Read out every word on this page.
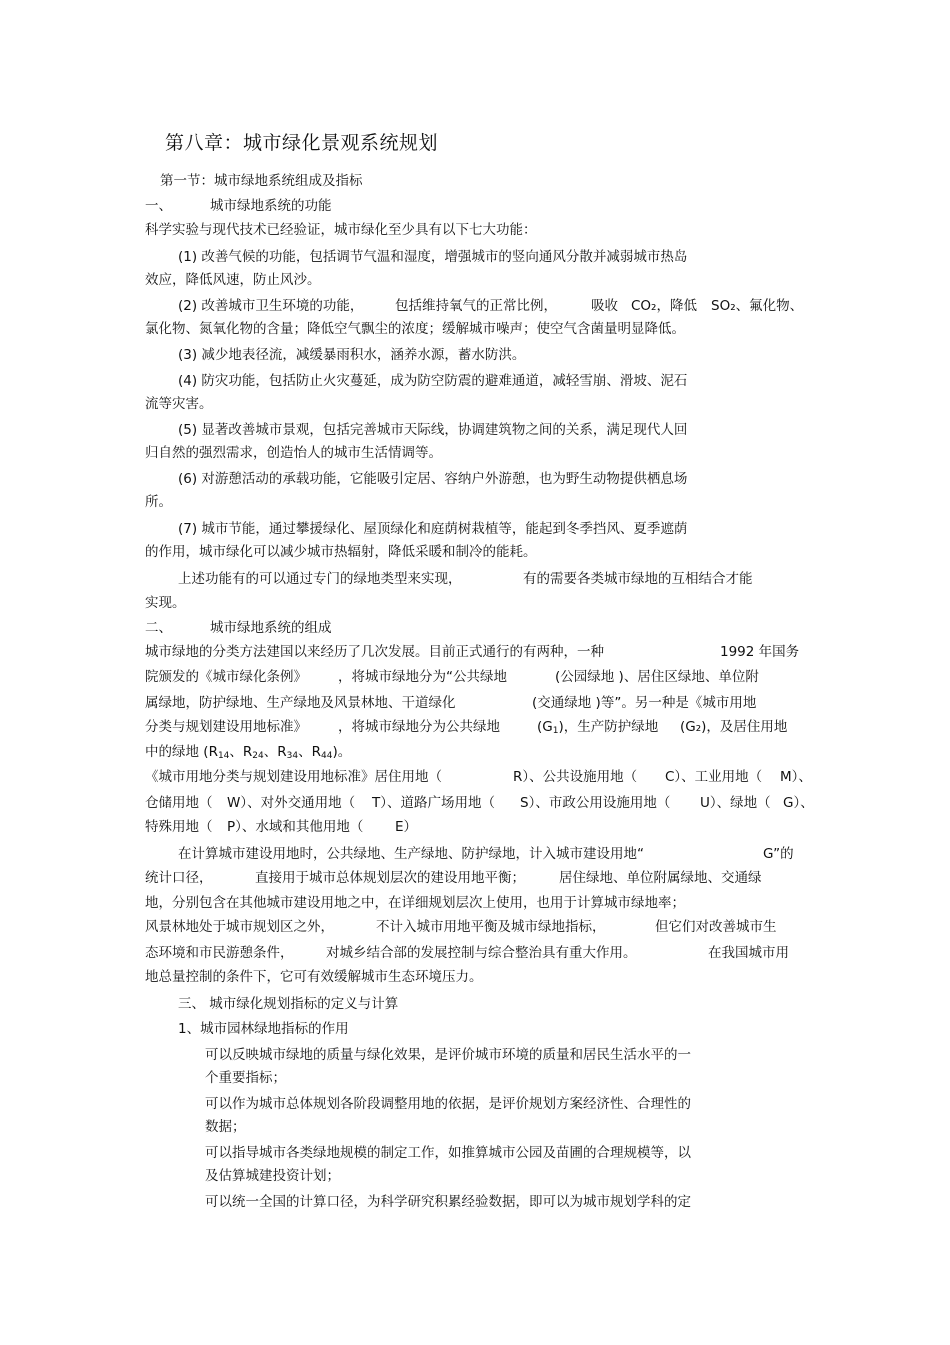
第八章：城市绿化景观系统规划
第一节：城市绿地系统组成及指标
一、	城市绿地系统的功能
科学实验与现代技术已经验证，城市绿化至少具有以下七大功能：
(1) 改善气候的功能，包括调节气温和湿度，增强城市的竖向通风分散并减弱城市热岛
效应，降低风速，防止风沙。
(2) 改善城市卫生环境的功能， 包括维持氧气的正常比例，	吸收 CO₂，降低 SO₂、氟化物、
氯化物、氮氧化物的含量；降低空气飘尘的浓度；缓解城市噪声；使空气含菌量明显降低。
(3) 减少地表径流，减缓暴雨积水，涵养水源，蓄水防洪。
(4) 防灾功能，包括防止火灾蔓延，成为防空防震的避难通道，减轻雪崩、滑坡、泥石
流等灾害。
(5) 显著改善城市景观，包括完善城市天际线，协调建筑物之间的关系，满足现代人回
归自然的强烈需求，创造怡人的城市生活情调等。
(6) 对游憩活动的承载功能，它能吸引定居、容纳户外游憩，也为野生动物提供栖息场
所。
(7) 城市节能，通过攀援绿化、屋顶绿化和庭荫树栽植等，能起到冬季挡风、夏季遮荫
的作用，城市绿化可以减少城市热辐射，降低采暖和制冷的能耗。
上述功能有的可以通过专门的绿地类型来实现，	有的需要各类城市绿地的互相结合才能
实现。
二、	城市绿地系统的组成
城市绿地的分类方法建国以来经历了几次发展。目前正式通行的有两种，一种	1992 年国务
院颁发的《城市绿化条例》 ，将城市绿地分为“公共绿地	(公园绿地 )、居住区绿地、单位附
属绿地，防护绿地、生产绿地及风景林地、干道绿化	(交通绿地 )等”。另一种是《城市用地
分类与规划建设用地标准》 ，将城市绿地分为公共绿地	$(G_1)$，生产防护绿地 (G₂)，及居住用地
中的绿地 ($R_{14}$、$R_{24}$、$R_{34}$、$R_{44}$)。
《城市用地分类与规划建设用地标准》居住用地（	R）、公共设施用地（ C）、工业用地（ M）、
仓储用地（ W）、对外交通用地（ T）、道路广场用地（ S）、市政公用设施用地（ U）、绿地（ G）、
特殊用地（ P）、水域和其他用地（ E）
在计算城市建设用地时，公共绿地、生产绿地、防护绿地，计入城市建设用地“	G”的
统计口径，	直接用于城市总体规划层次的建设用地平衡；	居住绿地、单位附属绿地、交通绿
地，分别包含在其他城市建设用地之中，在详细规划层次上使用，也用于计算城市绿地率；
风景林地处于城市规划区之外，	不计入城市用地平衡及城市绿地指标，	但它们对改善城市生
态环境和市民游憩条件， 对城乡结合部的发展控制与综合整治具有重大作用。	在我国城市用
地总量控制的条件下，它可有效缓解城市生态环境压力。
三、 城市绿化规划指标的定义与计算
1、城市园林绿地指标的作用
可以反映城市绿地的质量与绿化效果，是评价城市环境的质量和居民生活水平的一
个重要指标；
可以作为城市总体规划各阶段调整用地的依据，是评价规划方案经济性、合理性的
数据；
可以指导城市各类绿地规模的制定工作，如推算城市公园及苗圃的合理规模等，以
及估算城建投资计划；
可以统一全国的计算口径，为科学研究积累经验数据，即可以为城市规划学科的定
